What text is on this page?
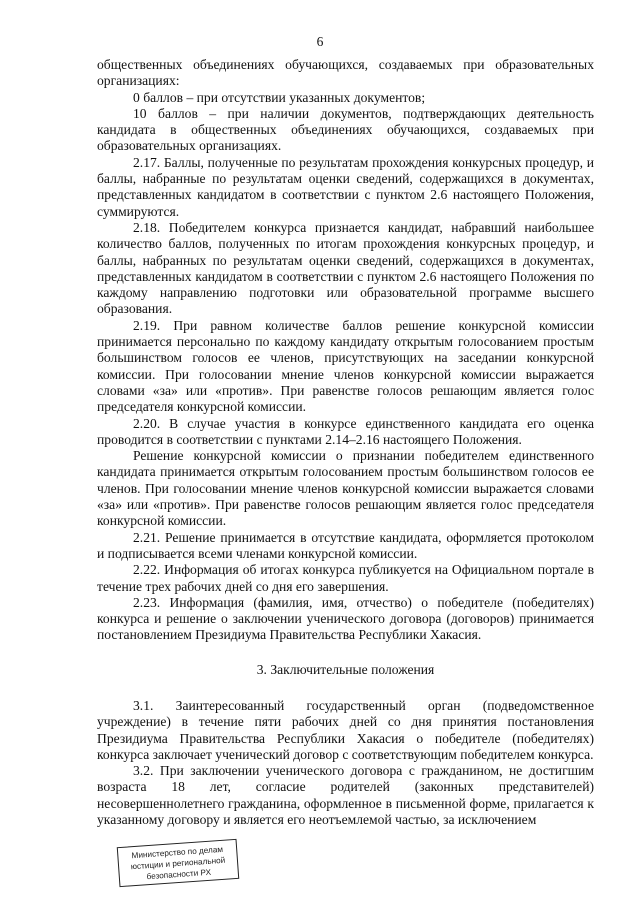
6

общественных объединениях обучающихся, создаваемых при образовательных организациях:

0 баллов – при отсутствии указанных документов;

10 баллов – при наличии документов, подтверждающих деятельность кандидата в общественных объединениях обучающихся, создаваемых при образовательных организациях.

2.17. Баллы, полученные по результатам прохождения конкурсных процедур, и баллы, набранные по результатам оценки сведений, содержащихся в документах, представленных кандидатом в соответствии с пунктом 2.6 настоящего Положения, суммируются.

2.18. Победителем конкурса признается кандидат, набравший наибольшее количество баллов, полученных по итогам прохождения конкурсных процедур, и баллы, набранных по результатам оценки сведений, содержащихся в документах, представленных кандидатом в соответствии с пунктом 2.6 настоящего Положения по каждому направлению подготовки или образовательной программе высшего образования.

2.19. При равном количестве баллов решение конкурсной комиссии принимается персонально по каждому кандидату открытым голосованием простым большинством голосов ее членов, присутствующих на заседании конкурсной комиссии. При голосовании мнение членов конкурсной комиссии выражается словами «за» или «против». При равенстве голосов решающим является голос председателя конкурсной комиссии.

2.20. В случае участия в конкурсе единственного кандидата его оценка проводится в соответствии с пунктами 2.14–2.16 настоящего Положения.

Решение конкурсной комиссии о признании победителем единственного кандидата принимается открытым голосованием простым большинством голосов ее членов. При голосовании мнение членов конкурсной комиссии выражается словами «за» или «против». При равенстве голосов решающим является голос председателя конкурсной комиссии.

2.21. Решение принимается в отсутствие кандидата, оформляется протоколом и подписывается всеми членами конкурсной комиссии.

2.22. Информация об итогах конкурса публикуется на Официальном портале в течение трех рабочих дней со дня его завершения.

2.23. Информация (фамилия, имя, отчество) о победителе (победителях) конкурса и решение о заключении ученического договора (договоров) принимается постановлением Президиума Правительства Республики Хакасия.

3. Заключительные положения

3.1. Заинтересованный государственный орган (подведомственное учреждение) в течение пяти рабочих дней со дня принятия постановления Президиума Правительства Республики Хакасия о победителе (победителях) конкурса заключает ученический договор с соответствующим победителем конкурса.

3.2. При заключении ученического договора с гражданином, не достигшим возраста 18 лет, согласие родителей (законных представителей) несовершеннолетнего гражданина, оформленное в письменной форме, прилагается к указанному договору и является его неотъемлемой частью, за исключением

Министерство по делам
юстиции и региональной
безопасности РХ
